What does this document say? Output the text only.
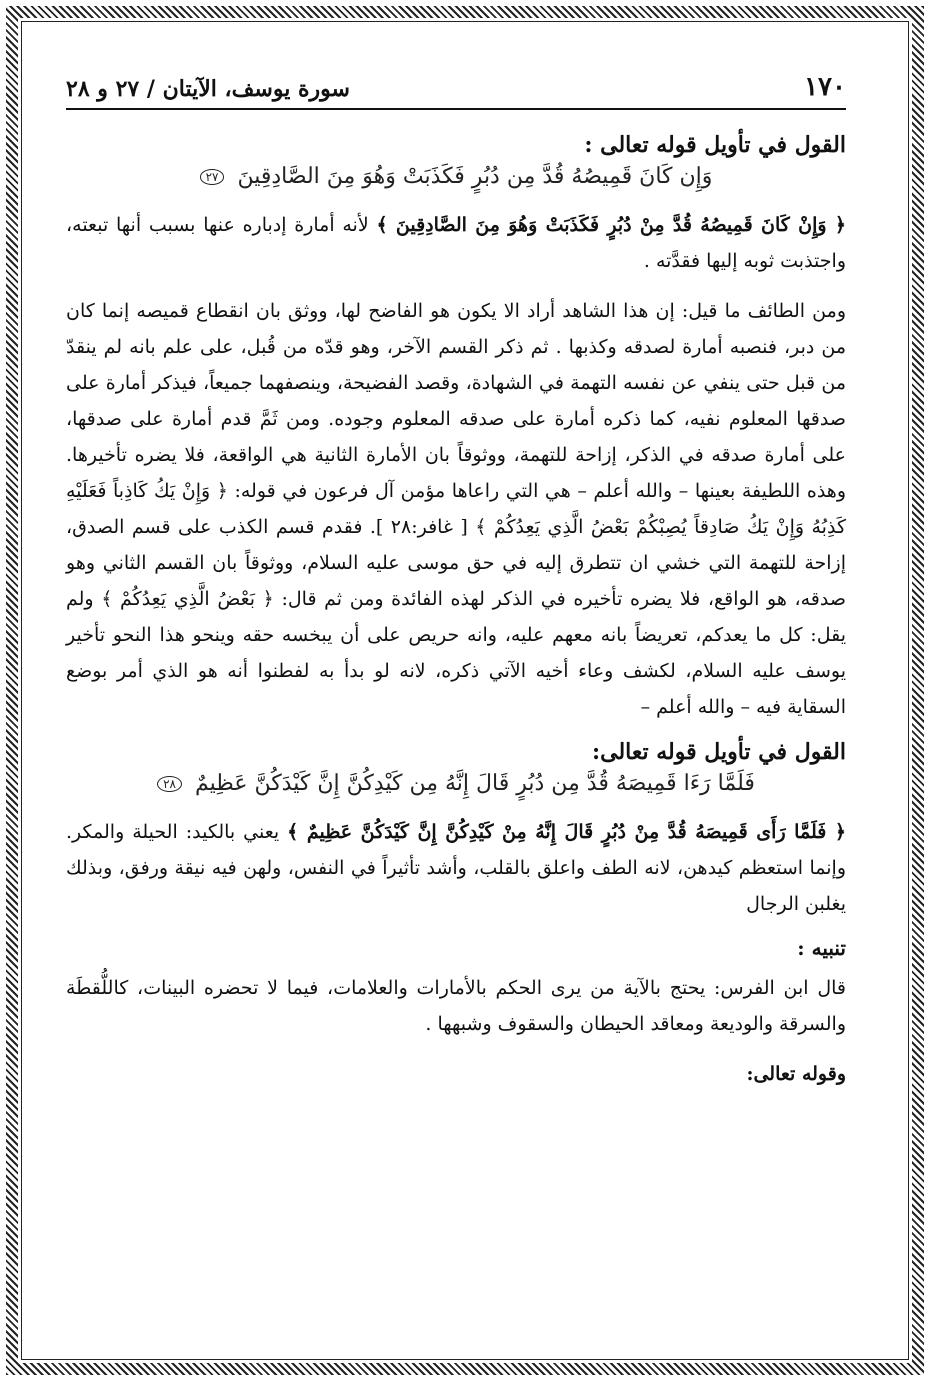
١٧٠
سورة يوسف، الآيتان / ٢٧ و ٢٨
القول في تأويل قوله تعالى :
وَإِن كَانَ قَمِيصُهُ قُدَّ مِن دُبُرٍ فَكَذَبَتْ وَهُوَ مِنَ الصَّادِقِينَ ٢٧

﴿ وَإِنْ كَانَ قَمِيصُهُ قُدَّ مِنْ دُبُرٍ فَكَذَبَتْ وَهُوَ مِنَ الصَّادِقِينَ ﴾ لأنه أمارة إدباره عنها بسبب أنها تبعته، واجتذبت ثوبه إليها فقدَّته .

ومن الطائف ما قيل: إن هذا الشاهد أراد الا يكون هو الفاضح لها، ووثق بان انقطاع قميصه إنما كان من دبر، فنصبه أمارة لصدقه وكذبها . ثم ذكر القسم الآخر، وهو قدّه من قُبل، على علم بانه لم ينقدّ من قبل حتى ينفي عن نفسه التهمة في الشهادة، وقصد الفضيحة، وينصفهما جميعاً، فيذكر أمارة على صدقها المعلوم نفيه، كما ذكره أمارة على صدقه المعلوم وجوده. ومن ثَمَّ قدم أمارة على صدقها، على أمارة صدقه في الذكر، إزاحة للتهمة، ووثوقاً بان الأمارة الثانية هي الواقعة، فلا يضره تأخيرها. وهذه اللطيفة بعينها – والله أعلم – هي التي راعاها مؤمن آل فرعون في قوله: ﴿ وَإِنْ يَكُ كَاذِباً فَعَلَيْهِ كَذِبُهُ وَإِنْ يَكُ صَادِقاً يُصِبْكُمْ بَعْضُ الَّذِي يَعِدُكُمْ ﴾ [ غافر:٢٨ ]. فقدم قسم الكذب على قسم الصدق، إزاحة للتهمة التي خشي ان تتطرق إليه في حق موسى عليه السلام، ووثوقاً بان القسم الثاني وهو صدقه، هو الواقع، فلا يضره تأخيره في الذكر لهذه الفائدة ومن ثم قال: ﴿ بَعْضُ الَّذِي يَعِدُكُمْ ﴾ ولم يقل: كل ما يعدكم، تعريضاً بانه معهم عليه، وانه حريص على أن يبخسه حقه وينحو هذا النحو تأخير يوسف عليه السلام، لكشف وعاء أخيه الآتي ذكره، لانه لو بدأ به لفطنوا أنه هو الذي أمر بوضع السقاية فيه – والله أعلم –

القول في تأويل قوله تعالى:
فَلَمَّا رَءَا قَمِيصَهُ قُدَّ مِن دُبُرٍ قَالَ إِنَّهُ مِن كَيْدِكُنَّ إِنَّ كَيْدَكُنَّ عَظِيمٌ ٢٨

﴿ فَلَمَّا رَأَى قَمِيصَهُ قُدَّ مِنْ دُبُرٍ قَالَ إِنَّهُ مِنْ كَيْدِكُنَّ إِنَّ كَيْدَكُنَّ عَظِيمٌ ﴾ يعني بالكيد: الحيلة والمكر. وإنما استعظم كيدهن، لانه الطف واعلق بالقلب، وأشد تأثيراً في النفس، ولهن فيه نيقة ورفق، وبذلك يغلبن الرجال

تنبيه :

قال ابن الفرس: يحتج بالآية من يرى الحكم بالأمارات والعلامات، فيما لا تحضره البينات، كاللُّقطَة والسرقة والوديعة ومعاقد الحيطان والسقوف وشبهها .

وقوله تعالى:
